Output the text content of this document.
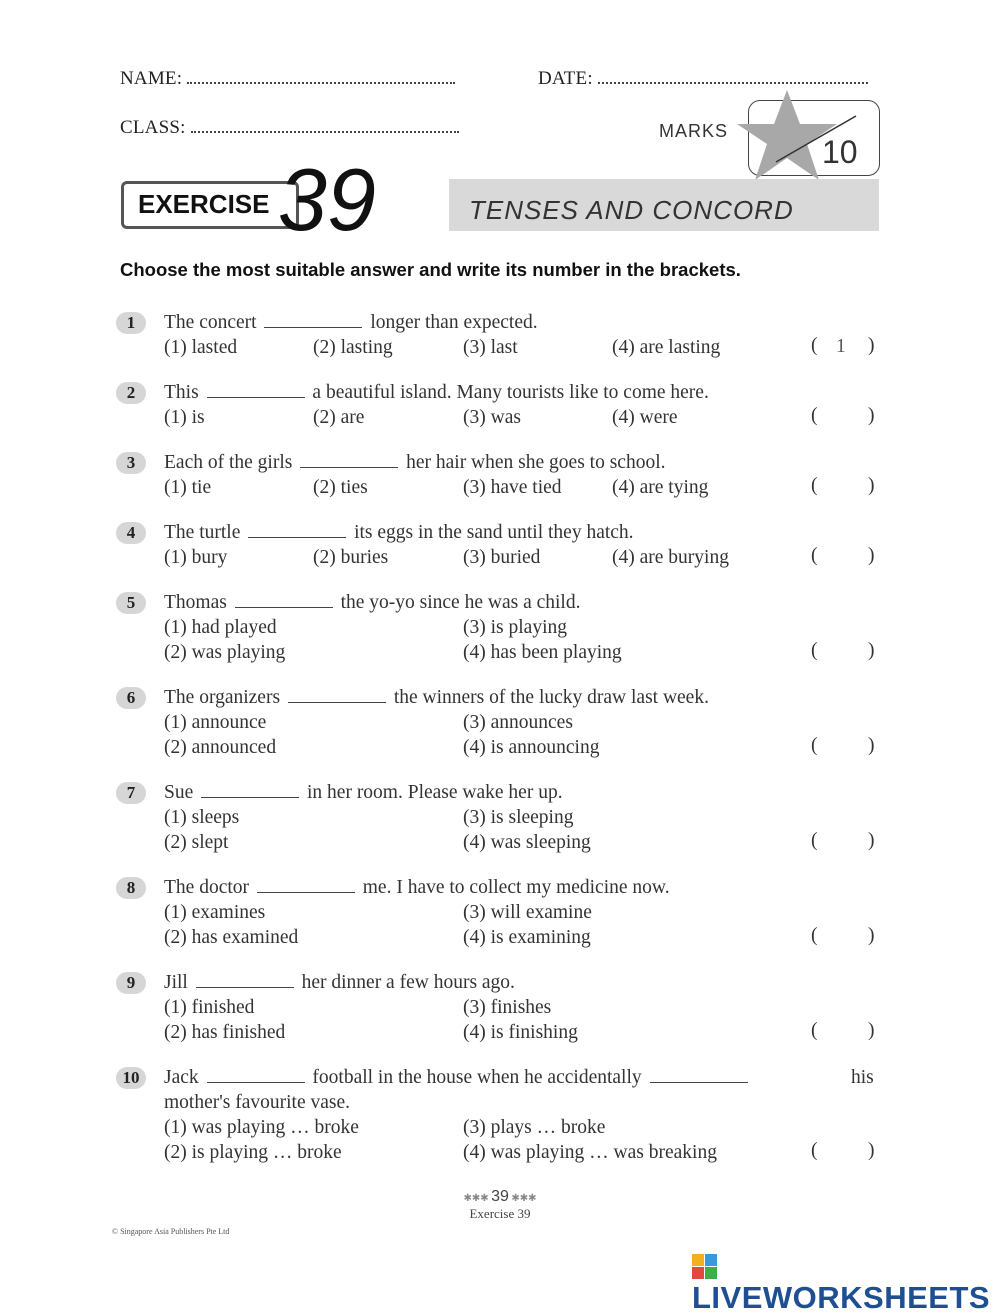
NAME:	DATE:
CLASS:	MARKS
10
EXERCISE 39	TENSES AND CONCORD
Choose the most suitable answer and write its number in the brackets.
1	The concert	longer than expected.
(1) lasted	(2) lasting	(3) last	(4) are lasting	( 1 )
2	This	a beautiful island. Many tourists like to come here.
(1) is	(2) are	(3) was	(4) were	(	)
3	Each of the girls	her hair when she goes to school.
(1) tie	(2) ties	(3) have tied	(4) are tying	(	)
4	The turtle	its eggs in the sand until they hatch.
(1) bury	(2) buries	(3) buried	(4) are burying	(	)
5	Thomas	the yo-yo since he was a child.
(1) had played	(3) is playing
(2) was playing	(4) has been playing	(	)
6	The organizers	the winners of the lucky draw last week.
(1) announce	(3) announces
(2) announced	(4) is announcing	(	)
7	Sue	in her room. Please wake her up.
(1) sleeps	(3) is sleeping
(2) slept	(4) was sleeping	(	)
8	The doctor	me. I have to collect my medicine now.
(1) examines	(3) will examine
(2) has examined	(4) is examining	(	)
9	Jill	her dinner a few hours ago.
(1) finished	(3) finishes
(2) has finished	(4) is finishing	(	)
10	Jack	football in the house when he accidentally	his
mother's favourite vase.
(1) was playing … broke	(3) plays … broke
(2) is playing … broke	(4) was playing … was breaking	(	)
✱✱✱ 39 ✱✱✱
Exercise 39
© Singapore Asia Publishers Pte Ltd
LIVEWORKSHEETS
